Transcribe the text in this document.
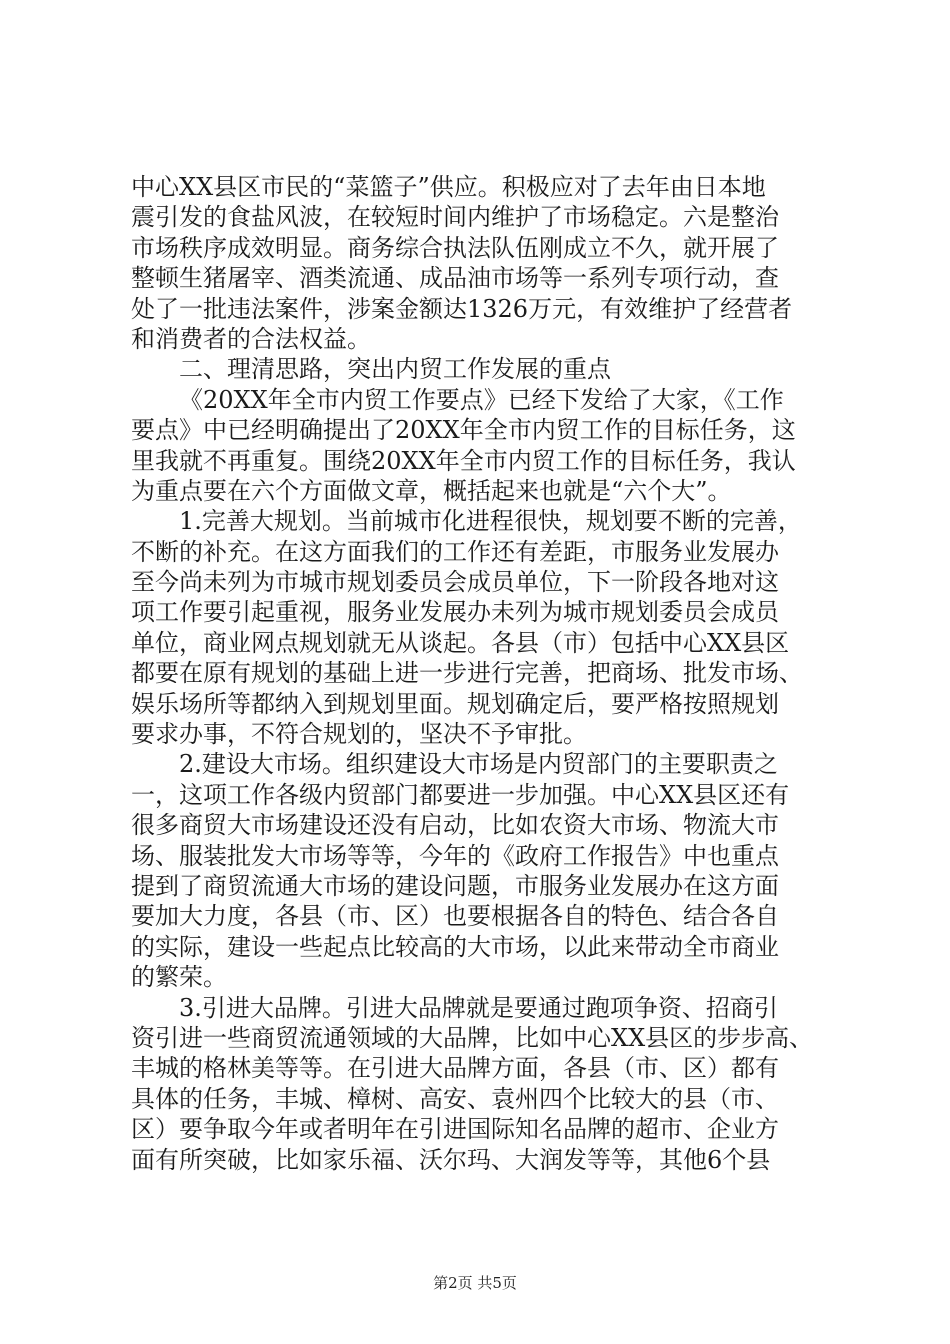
中心XX县区市民的“菜篮子”供应。积极应对了去年由日本地
震引发的食盐风波，在较短时间内维护了市场稳定。六是整治
市场秩序成效明显。商务综合执法队伍刚成立不久，就开展了
整顿生猪屠宰、酒类流通、成品油市场等一系列专项行动，查
处了一批违法案件，涉案金额达1326万元，有效维护了经营者
和消费者的合法权益。
二、理清思路，突出内贸工作发展的重点
《20XX年全市内贸工作要点》已经下发给了大家，《工作
要点》中已经明确提出了20XX年全市内贸工作的目标任务，这
里我就不再重复。围绕20XX年全市内贸工作的目标任务，我认
为重点要在六个方面做文章，概括起来也就是“六个大”。
1.完善大规划。当前城市化进程很快，规划要不断的完善，
不断的补充。在这方面我们的工作还有差距，市服务业发展办
至今尚未列为市城市规划委员会成员单位，下一阶段各地对这
项工作要引起重视，服务业发展办未列为城市规划委员会成员
单位，商业网点规划就无从谈起。各县（市）包括中心XX县区
都要在原有规划的基础上进一步进行完善，把商场、批发市场、
娱乐场所等都纳入到规划里面。规划确定后，要严格按照规划
要求办事，不符合规划的，坚决不予审批。
2.建设大市场。组织建设大市场是内贸部门的主要职责之
一，这项工作各级内贸部门都要进一步加强。中心XX县区还有
很多商贸大市场建设还没有启动，比如农资大市场、物流大市
场、服装批发大市场等等，今年的《政府工作报告》中也重点
提到了商贸流通大市场的建设问题，市服务业发展办在这方面
要加大力度，各县（市、区）也要根据各自的特色、结合各自
的实际，建设一些起点比较高的大市场，以此来带动全市商业
的繁荣。
3.引进大品牌。引进大品牌就是要通过跑项争资、招商引
资引进一些商贸流通领域的大品牌，比如中心XX县区的步步高、
丰城的格林美等等。在引进大品牌方面，各县（市、区）都有
具体的任务，丰城、樟树、高安、袁州四个比较大的县（市、
区）要争取今年或者明年在引进国际知名品牌的超市、企业方
面有所突破，比如家乐福、沃尔玛、大润发等等，其他6个县
第2页 共5页
